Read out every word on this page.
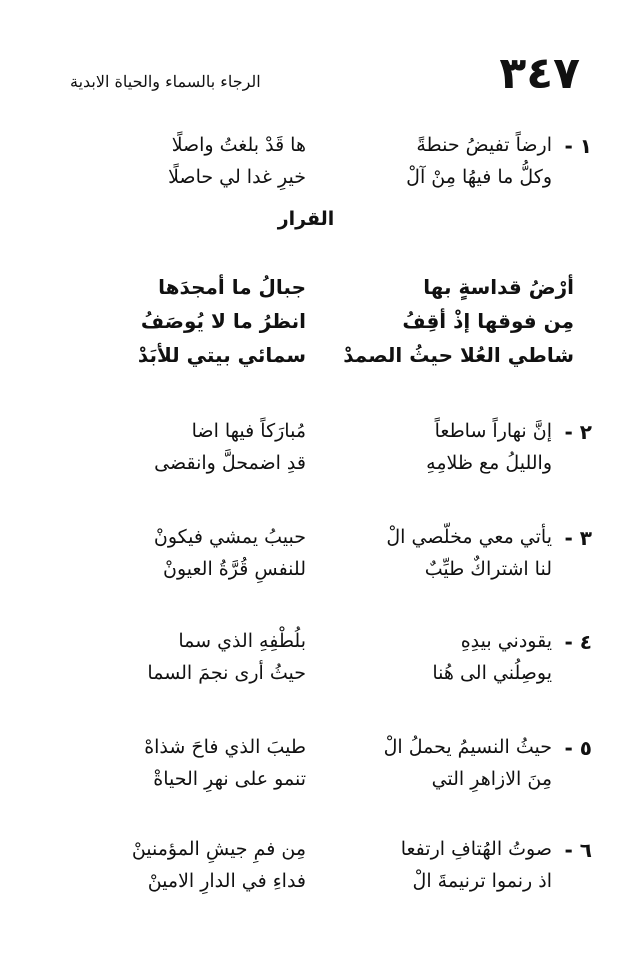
٣٤٧
الرجاء بالسماء والحياة الابدية
١ -
ارضاً تفيضُ حنطةً
ها قَدْ بلغتُ واصلًا
وكلُّ ما فيهُا مِنْ آلْ
خيرِ غدا لي حاصلًا
القرار
أرْضُ قداسةٍ بها
جبالُ ما أمجدَها
مِن فوقها إذْ أقِفُ
انظرُ ما لا يُوصَفُ
شاطي العُلا حيثُ الصمدْ
سمائي بيتي للأبَدْ
٢ -
إنَّ نهاراً ساطعاً
مُبارَكاً فيها اضا
والليلُ مع ظلامِهِ
قدِ اضمحلَّ وانقضى
٣ -
يأتي معي مخلّصي الْ
حبيبُ يمشي فيكونْ
لنا اشتراكٌ طيِّبٌ
للنفسِ قُرَّةُ العيونْ
٤ -
يقودني بيدِهِ
بلُطْفِهِ الذي سما
يوصِلُني الى هُنا
حيثُ أرى نجمَ السما
٥ -
حيثُ النسيمُ يحملُ الْ
طيبَ الذي فاحَ شذاهْ
مِنَ الازاهرِ التي
تنمو على نهرِ الحياةْ
٦ -
صوتُ الهُتافِ ارتفعا
مِن فمِ جيشِ المؤمنينْ
اذ رنموا ترنيمةَ الْ
فداءِ في الدارِ الامينْ
